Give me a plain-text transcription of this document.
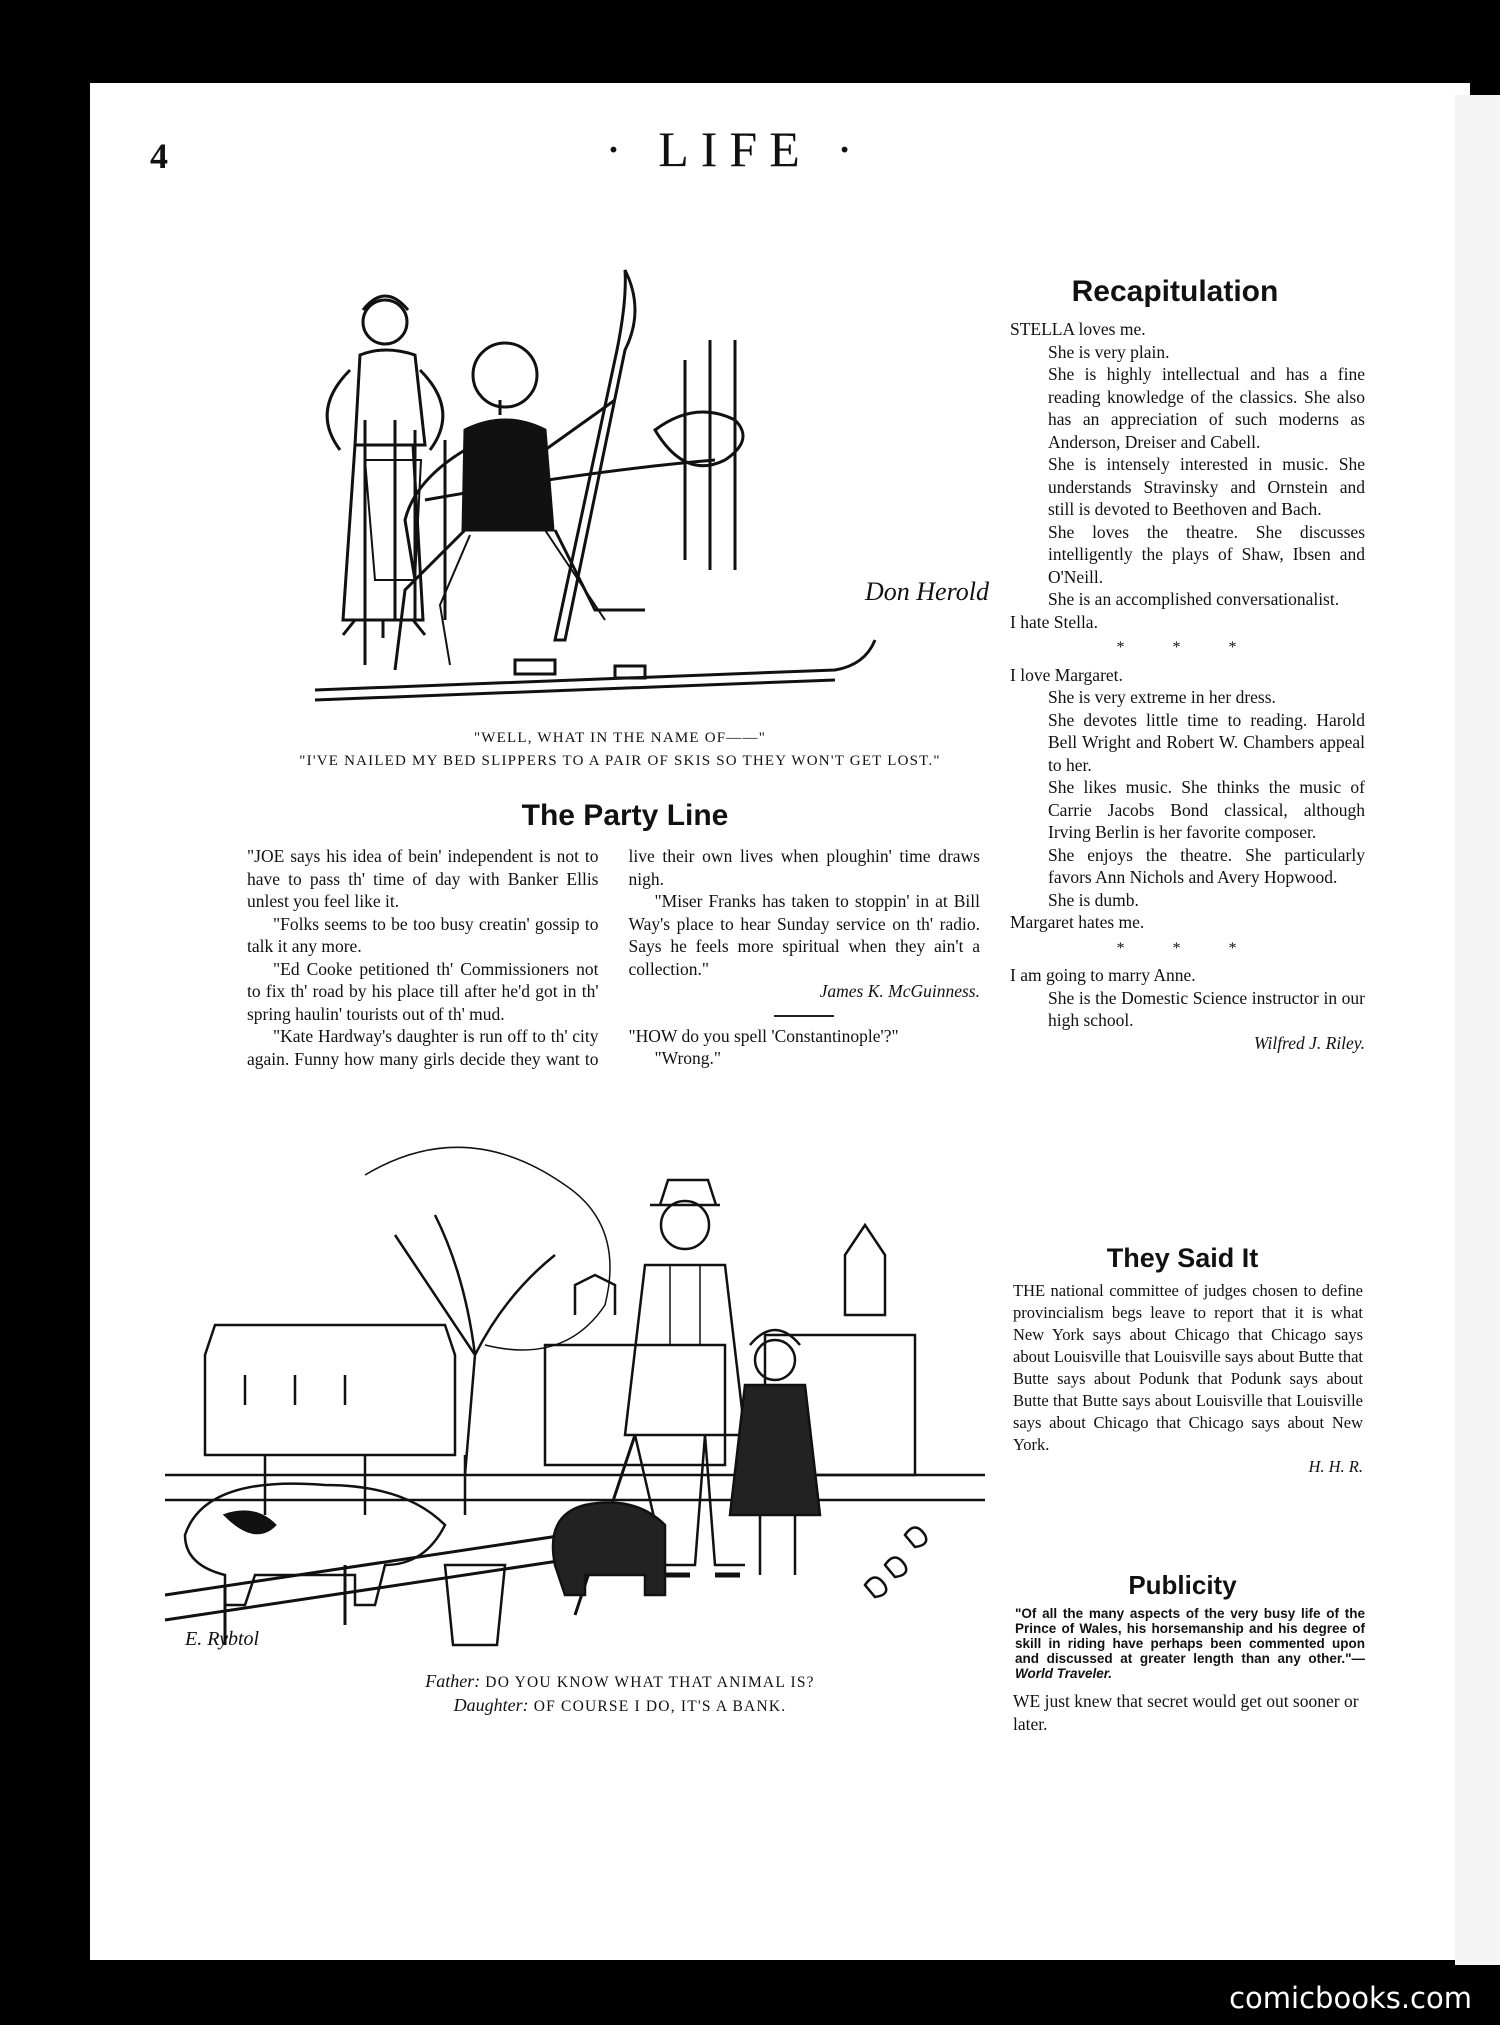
4	· LIFE ·
Don Herold
"WELL, WHAT IN THE NAME OF——"
"I'VE NAILED MY BED SLIPPERS TO A PAIR OF SKIS SO THEY WON'T GET LOST."
The Party Line

"JOE says his idea of bein' independent is not to have to pass th' time of day with Banker Ellis unlest you feel like it.

"Folks seems to be too busy creatin' gossip to talk it any more.

"Ed Cooke petitioned th' Commissioners not to fix th' road by his place till after he'd got in th' spring haulin' tourists out of th' mud.

"Kate Hardway's daughter is run off to th' city again. Funny how many girls decide they want to live their own lives when ploughin' time draws nigh.

"Miser Franks has taken to stoppin' in at Bill Way's place to hear Sunday service on th' radio. Says he feels more spiritual when they ain't a collection."

James K. McGuinness.

"HOW do you spell 'Constantinople'?"

"Wrong."

E. Rybtol
Father: DO YOU KNOW WHAT THAT ANIMAL IS?
Daughter: OF COURSE I DO, IT'S A BANK.
Recapitulation

STELLA loves me.

She is very plain.

She is highly intellectual and has a fine reading knowledge of the classics. She also has an appreciation of such moderns as Anderson, Dreiser and Cabell.

She is intensely interested in music. She understands Stravinsky and Ornstein and still is devoted to Beethoven and Bach.

She loves the theatre. She discusses intelligently the plays of Shaw, Ibsen and O'Neill.

She is an accomplished conversationalist.

I hate Stella.

* * *

I love Margaret.

She is very extreme in her dress.

She devotes little time to reading. Harold Bell Wright and Robert W. Chambers appeal to her.

She likes music. She thinks the music of Carrie Jacobs Bond classical, although Irving Berlin is her favorite composer.

She enjoys the theatre. She particularly favors Ann Nichols and Avery Hopwood.

She is dumb.

Margaret hates me.

* * *

I am going to marry Anne.

She is the Domestic Science instructor in our high school.

Wilfred J. Riley.
They Said It

THE national committee of judges chosen to define provincialism begs leave to report that it is what New York says about Chicago that Chicago says about Louisville that Louisville says about Butte that Butte says about Podunk that Podunk says about Butte that Butte says about Louisville that Louisville says about Chicago that Chicago says about New York.

H. H. R.
Publicity
"Of all the many aspects of the very busy life of the Prince of Wales, his horsemanship and his degree of skill in riding have perhaps been commented upon and discussed at greater length than any other."—World Traveler.
WE just knew that secret would get out sooner or later.
comicbooks.com
